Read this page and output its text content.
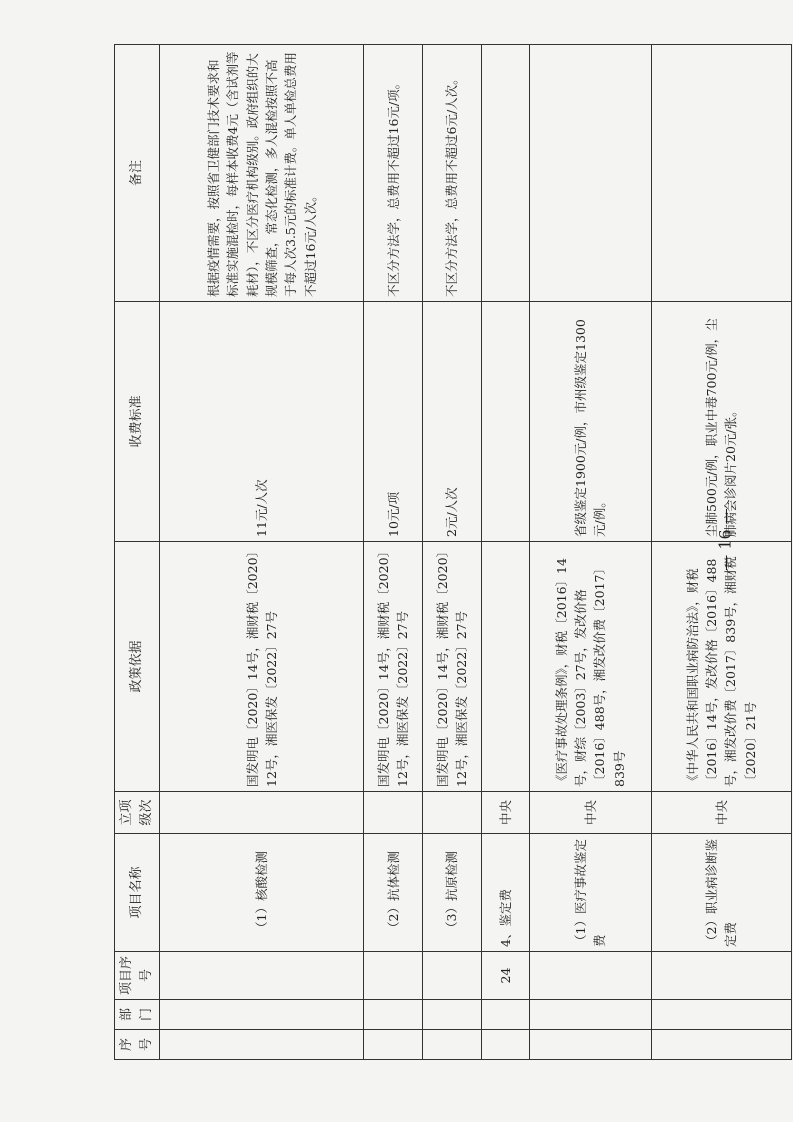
序号	部门	项目序号	项目名称	立项级次	政策依据	收费标准	备注
			（1）核酸检测		国发明电〔2020〕14号，湘财税〔2020〕12号，湘医保发〔2022〕27号	11元/人次	根据疫情需要，按照省卫健部门技术要求和标准实施混检时，每样本收费4元（含试剂等耗材），不区分医疗机构级别。政府组织的大规模筛查，常态化检测，多人混检按照不高于每人次3.5元的标准计费。单人单检总费用不超过16元/人次。
			（2）抗体检测		国发明电〔2020〕14号，湘财税〔2020〕12号，湘医保发〔2022〕27号	10元/项	不区分方法学，总费用不超过16元/项。
			（3）抗原检测		国发明电〔2020〕14号，湘财税〔2020〕12号，湘医保发〔2022〕27号	2元/人次	不区分方法学，总费用不超过6元/人次。
		24	4、鉴定费	中央			
			（1）医疗事故鉴定费	中央	《医疗事故处理条例》，财税〔2016〕14号，财综〔2003〕27号，发改价格〔2016〕488号，湘发改价费〔2017〕839号	省级鉴定1900元/例，市州级鉴定1300元/例。	
			（2）职业病诊断鉴定费	中央	《中华人民共和国职业病防治法》，财税〔2016〕14号，发改价格〔2016〕488号，湘发改价费〔2017〕839号，湘财税〔2020〕21号	尘肺500元/例，职业中毒700元/例，尘肺病会诊阅片20元/张。	
— 16 —
